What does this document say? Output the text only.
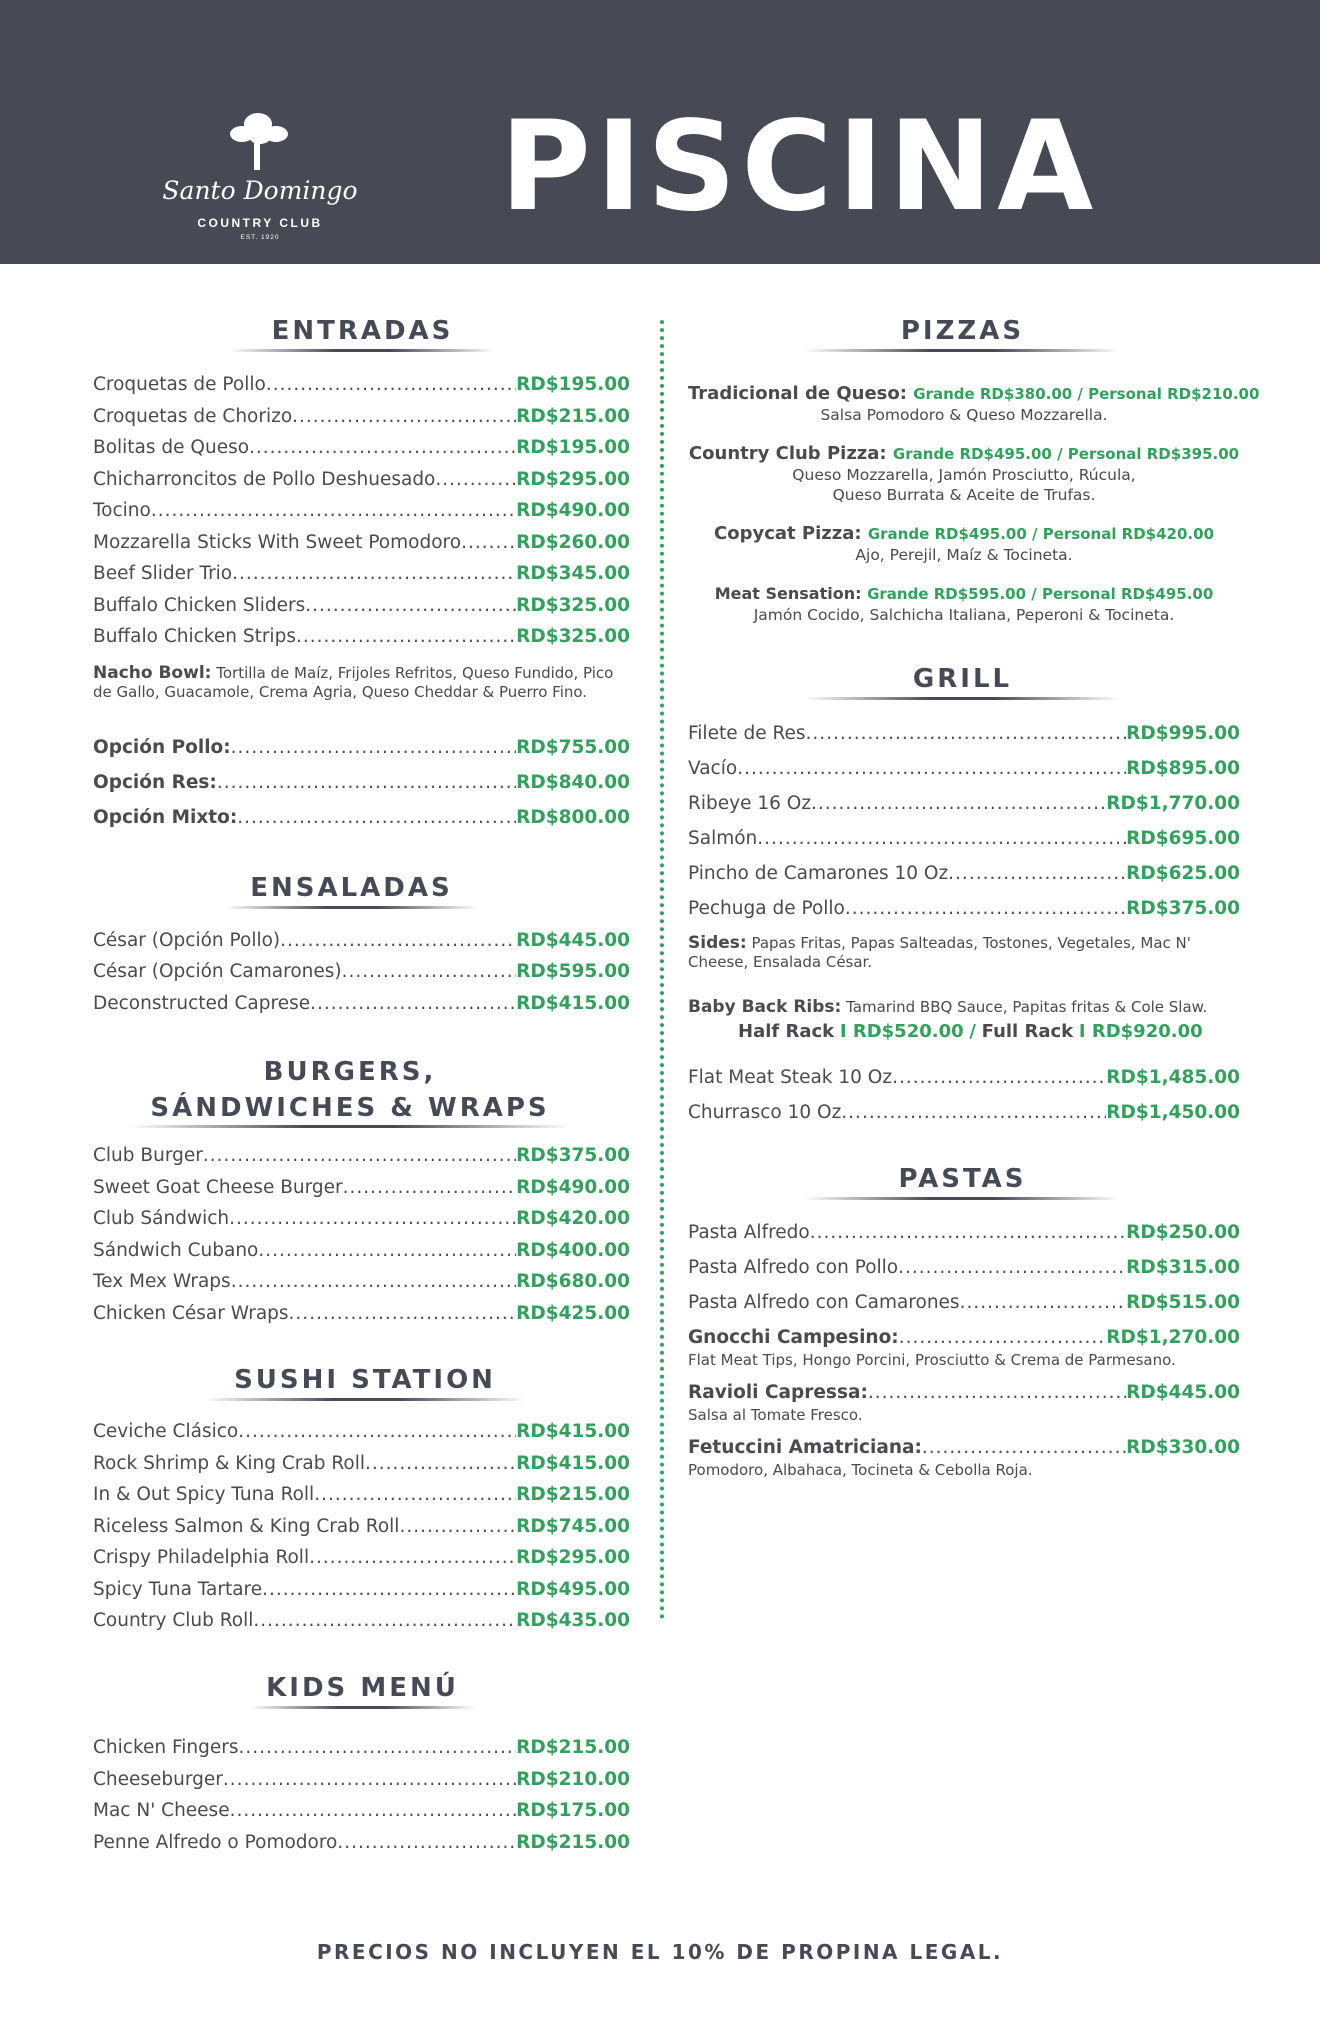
Santo Domingo
COUNTRY CLUB
EST. 1920	PISCINA
ENTRADAS
Croquetas de Pollo .....	RD$195.00
Croquetas de Chorizo .....	RD$215.00
Bolitas de Queso .....	RD$195.00
Chicharroncitos de Pollo Deshuesado .....	RD$295.00
Tocino .....	RD$490.00
Mozzarella Sticks With Sweet Pomodoro .....	RD$260.00
Beef Slider Trio .....	RD$345.00
Buffalo Chicken Sliders .....	RD$325.00
Buffalo Chicken Strips .....	RD$325.00
Nacho Bowl: Tortilla de Maíz, Frijoles Refritos, Queso Fundido, Pico de Gallo, Guacamole, Crema Agria, Queso Cheddar & Puerro Fino.
Opción Pollo: .....	RD$755.00
Opción Res: .....	RD$840.00
Opción Mixto: .....	RD$800.00
ENSALADAS
César (Opción Pollo) .....	RD$445.00
César (Opción Camarones) .....	RD$595.00
Deconstructed Caprese .....	RD$415.00
BURGERS,
SÁNDWICHES & WRAPS
Club Burger .....	RD$375.00
Sweet Goat Cheese Burger .....	RD$490.00
Club Sándwich .....	RD$420.00
Sándwich Cubano .....	RD$400.00
Tex Mex Wraps .....	RD$680.00
Chicken César Wraps .....	RD$425.00
SUSHI STATION
Ceviche Clásico .....	RD$415.00
Rock Shrimp & King Crab Roll .....	RD$415.00
In & Out Spicy Tuna Roll .....	RD$215.00
Riceless Salmon & King Crab Roll .....	RD$745.00
Crispy Philadelphia Roll .....	RD$295.00
Spicy Tuna Tartare .....	RD$495.00
Country Club Roll .....	RD$435.00
KIDS MENÚ
Chicken Fingers .....	RD$215.00
Cheeseburger .....	RD$210.00
Mac N' Cheese .....	RD$175.00
Penne Alfredo o Pomodoro .....	RD$215.00
PIZZAS
Tradicional de Queso: Grande RD$380.00 / Personal RD$210.00
Salsa Pomodoro & Queso Mozzarella.
Country Club Pizza: Grande RD$495.00 / Personal RD$395.00
Queso Mozzarella, Jamón Prosciutto, Rúcula,
Queso Burrata & Aceite de Trufas.
Copycat Pizza: Grande RD$495.00 / Personal RD$420.00
Ajo, Perejil, Maíz & Tocineta.
Meat Sensation: Grande RD$595.00 / Personal RD$495.00
Jamón Cocido, Salchicha Italiana, Peperoni & Tocineta.
GRILL
Filete de Res .....	RD$995.00
Vacío .....	RD$895.00
Ribeye 16 Oz .....	RD$1,770.00
Salmón .....	RD$695.00
Pincho de Camarones 10 Oz .....	RD$625.00
Pechuga de Pollo .....	RD$375.00
Sides: Papas Fritas, Papas Salteadas, Tostones, Vegetales, Mac N' Cheese, Ensalada César.
Baby Back Ribs: Tamarind BBQ Sauce, Papitas fritas & Cole Slaw.
Half Rack I RD$520.00 / Full Rack I RD$920.00
Flat Meat Steak 10 Oz .....	RD$1,485.00
Churrasco 10 Oz .....	RD$1,450.00
PASTAS
Pasta Alfredo .....	RD$250.00
Pasta Alfredo con Pollo .....	RD$315.00
Pasta Alfredo con Camarones .....	RD$515.00
Gnocchi Campesino: .....	RD$1,270.00
Flat Meat Tips, Hongo Porcini, Prosciutto & Crema de Parmesano.
Ravioli Capressa: .....	RD$445.00
Salsa al Tomate Fresco.
Fetuccini Amatriciana: .....	RD$330.00
Pomodoro, Albahaca, Tocineta & Cebolla Roja.
PRECIOS NO INCLUYEN EL 10% DE PROPINA LEGAL.
